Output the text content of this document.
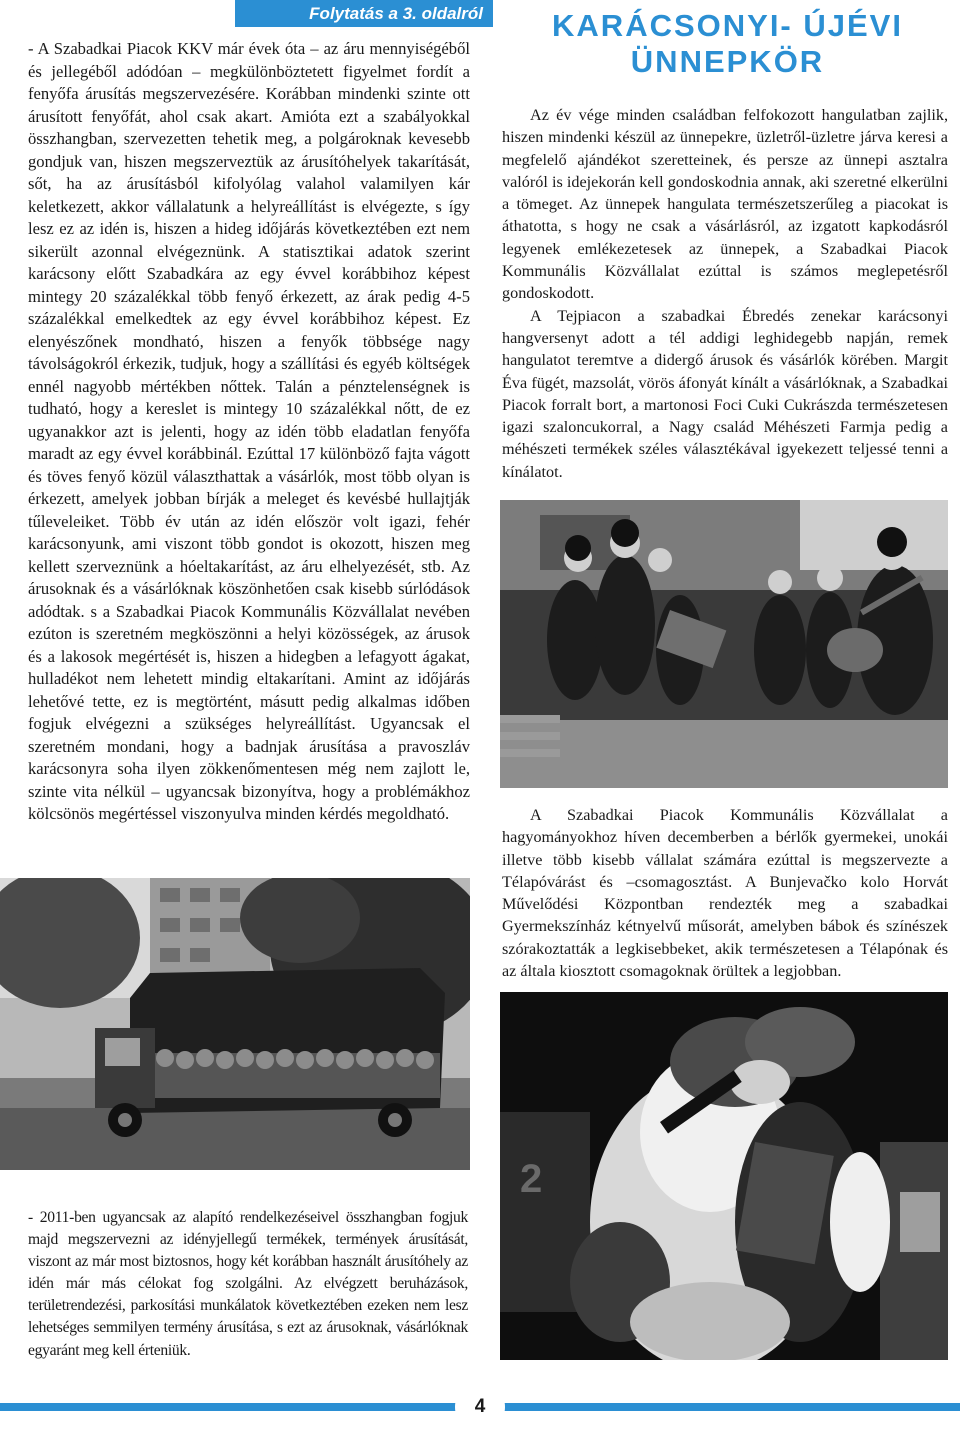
Folytatás a 3. oldalról

- A Szabadkai Piacok KKV már évek óta – az áru mennyiségéből és jellegéből adódóan – megkülönböztetett figyelmet fordít a fenyőfa árusítás megszervezésére. Korábban mindenki szinte ott árusított fenyőfát, ahol csak akart. Amióta ezt a szabályokkal összhangban, szervezetten tehetik meg, a polgároknak kevesebb gondjuk van, hiszen megszerveztük az árusítóhelyek takarítását, sőt, ha az árusításból kifolyólag valahol valamilyen kár keletkezett, akkor vállalatunk a helyreállítást is elvégezte, s így lesz ez az idén is, hiszen a hideg időjárás következtében ezt nem sikerült azonnal elvégeznünk. A statisztikai adatok szerint karácsony előtt Szabadkára az egy évvel korábbihoz képest mintegy 20 százalékkal több fenyő érkezett, az árak pedig 4-5 százalékkal emelkedtek az egy évvel korábbihoz képest. Ez elenyészőnek mondható, hiszen a fenyők többsége nagy távolságokról érkezik, tudjuk, hogy a szállítási és egyéb költségek ennél nagyobb mértékben nőttek. Talán a pénztelenségnek is tudható, hogy a kereslet is mintegy 10 százalékkal nőtt, de ez ugyanakkor azt is jelenti, hogy az idén több eladatlan fenyőfa maradt az egy évvel korábbinál. Ezúttal 17 különböző fajta vágott és töves fenyő közül választhattak a vásárlók, most több olyan is érkezett, amelyek jobban bírják a meleget és kevésbé hullajtják tűleveleiket. Több év után az idén először volt igazi, fehér karácsonyunk, ami viszont több gondot is okozott, hiszen meg kellett szerveznünk a hóeltakarítást, az áru elhelyezését, stb. Az árusoknak és a vásárlóknak köszönhetően csak kisebb súrlódások adódtak. s a Szabadkai Piacok Kommunális Közvállalat nevében ezúton is szeretném megköszönni a helyi közösségek, az árusok és a lakosok megértését is, hiszen a hidegben a lefagyott ágakat, hulladékot nem lehetett mindig eltakarítani. Amint az időjárás lehetővé tette, ez is megtörtént, másutt pedig alkalmas időben fogjuk elvégezni a szükséges helyreállítást. Ugyancsak el szeretném mondani, hogy a badnjak árusítása a pravoszláv karácsonyra soha ilyen zökkenőmentesen még nem zajlott le, szinte vita nélkül – ugyancsak bizonyítva, hogy a problémákhoz kölcsönös megértéssel viszonyulva minden kérdés megoldható.

- 2011-ben ugyancsak az alapító rendelkezéseivel összhangban fogjuk majd megszervezni az idényjellegű termékek, termények árusítását, viszont az már most biztosnos, hogy két korábban használt árusítóhely az idén már más célokat fog szolgálni. Az elvégzett beruházások, területrendezési, parkosítási munkálatok következtében ezeken nem lesz lehetséges semmilyen termény árusítása, s ezt az árusoknak, vásárlóknak egyaránt meg kell érteniük.

KARÁCSONYI- ÚJÉVI ÜNNEPKÖR

Az év vége minden családban felfokozott hangulatban zajlik, hiszen mindenki készül az ünnepekre, üzletről-üzletre járva keresi a megfelelő ajándékot szeretteinek, és persze az ünnepi asztalra valóról is idejekorán kell gondoskodnia annak, aki szeretné elkerülni a tömeget. Az ünnepek hangulata természetszerűleg a piacokat is áthatotta, s hogy ne csak a vásárlásról, az izgatott kapkodásról legyenek emlékezetesek az ünnepek, a Szabadkai Piacok Kommunális Közvállalat ezúttal is számos meglepetésről gondoskodott.

A Tejpiacon a szabadkai Ébredés zenekar karácsonyi hangversenyt adott a tél addigi leghidegebb napján, remek hangulatot teremtve a didergő árusok és vásárlók körében. Margit Éva fügét, mazsolát, vörös áfonyát kínált a vásárlóknak, a Szabadkai Piacok forralt bort, a martonosi Foci Cuki Cukrászda természetesen igazi szaloncukorral, a Nagy család Méhészeti Farmja pedig a méhészeti termékek széles választékával igyekezett teljessé tenni a kínálatot.

A Szabadkai Piacok Kommunális Közvállalat a hagyományokhoz híven decemberben a bérlők gyermekei, unokái illetve több kisebb vállalat számára ezúttal is megszervezte a Télapóvárást és –csomagosztást. A Bunjevačko kolo Horvát Művelődési Központban rendezték meg a szabadkai Gyermekszínház kétnyelvű műsorát, amelyben bábok és színészek szórakoztatták a legkisebbeket, akik természetesen a Télapónak és az általa kiosztott csomagoknak örültek a legjobban.

2
4
